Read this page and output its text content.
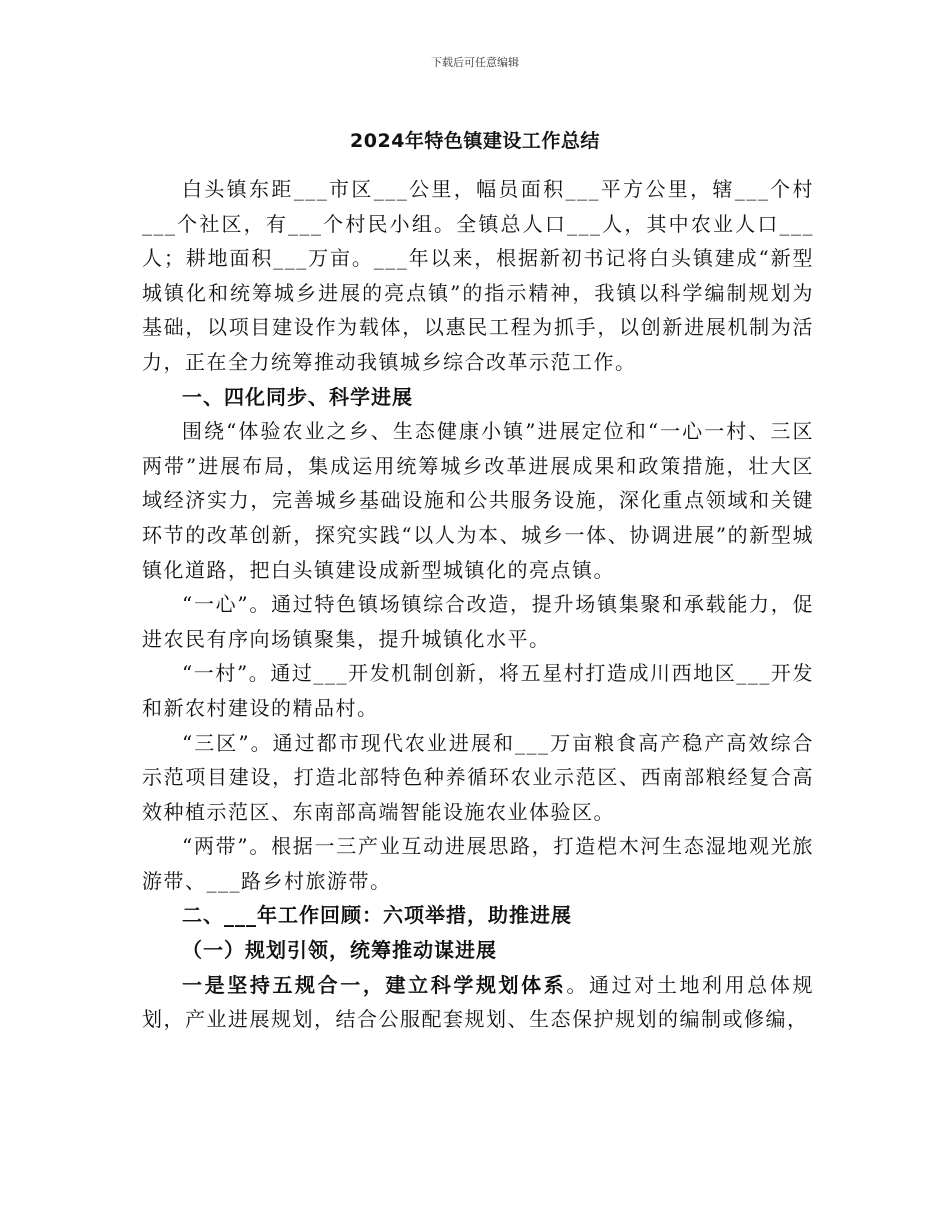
下载后可任意编辑
2024年特色镇建设工作总结

白头镇东距___市区___公里，幅员面积___平方公里，辖___个村___个社区，有___个村民小组。全镇总人口___人，其中农业人口___人；耕地面积___万亩。___年以来，根据新初书记将白头镇建成“新型城镇化和统筹城乡进展的亮点镇”的指示精神，我镇以科学编制规划为基础，以项目建设作为载体，以惠民工程为抓手，以创新进展机制为活力，正在全力统筹推动我镇城乡综合改革示范工作。

一、四化同步、科学进展

围绕“体验农业之乡、生态健康小镇”进展定位和“一心一村、三区两带”进展布局，集成运用统筹城乡改革进展成果和政策措施，壮大区域经济实力，完善城乡基础设施和公共服务设施，深化重点领域和关键环节的改革创新，探究实践“以人为本、城乡一体、协调进展”的新型城镇化道路，把白头镇建设成新型城镇化的亮点镇。

“一心”。通过特色镇场镇综合改造，提升场镇集聚和承载能力，促进农民有序向场镇聚集，提升城镇化水平。

“一村”。通过___开发机制创新，将五星村打造成川西地区___开发和新农村建设的精品村。

“三区”。通过都市现代农业进展和___万亩粮食高产稳产高效综合示范项目建设，打造北部特色种养循环农业示范区、西南部粮经复合高效种植示范区、东南部高端智能设施农业体验区。

“两带”。根据一三产业互动进展思路，打造桤木河生态湿地观光旅游带、___路乡村旅游带。

二、___年工作回顾：六项举措，助推进展

（一）规划引领，统筹推动谋进展

一是坚持五规合一，建立科学规划体系。通过对土地利用总体规划，产业进展规划，结合公服配套规划、生态保护规划的编制或修编，
